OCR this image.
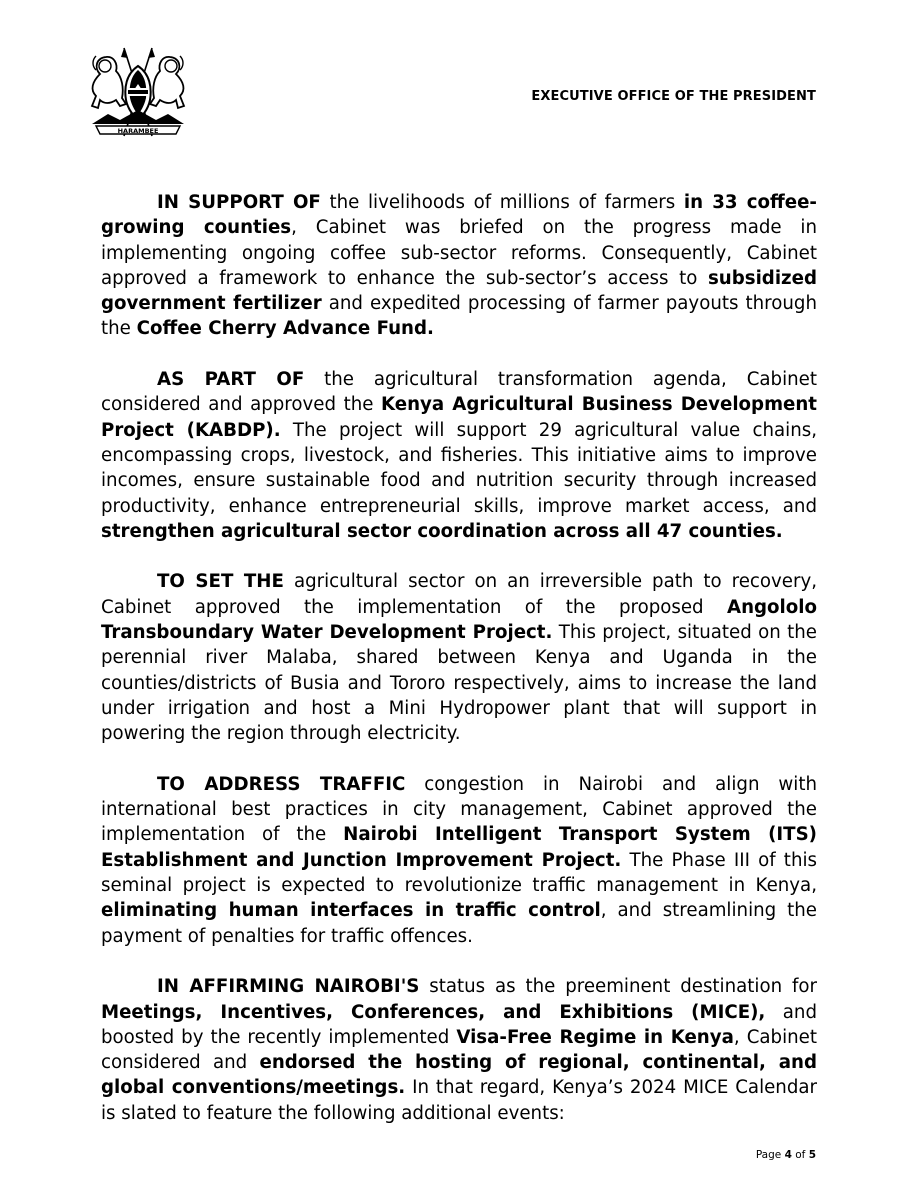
HARAMBEE
EXECUTIVE OFFICE OF THE PRESIDENT

IN SUPPORT OF the livelihoods of millions of farmers in 33 coffee-growing counties, Cabinet was briefed on the progress made in implementing ongoing coffee sub-sector reforms. Consequently, Cabinet approved a framework to enhance the sub-sector’s access to subsidized government fertilizer and expedited processing of farmer payouts through the Coffee Cherry Advance Fund.

AS PART OF the agricultural transformation agenda, Cabinet considered and approved the Kenya Agricultural Business Development Project (KABDP). The project will support 29 agricultural value chains, encompassing crops, livestock, and fisheries. This initiative aims to improve incomes, ensure sustainable food and nutrition security through increased productivity, enhance entrepreneurial skills, improve market access, and strengthen agricultural sector coordination across all 47 counties.

TO SET THE agricultural sector on an irreversible path to recovery, Cabinet approved the implementation of the proposed Angololo Transboundary Water Development Project. This project, situated on the perennial river Malaba, shared between Kenya and Uganda in the counties/districts of Busia and Tororo respectively, aims to increase the land under irrigation and host a Mini Hydropower plant that will support in powering the region through electricity.

TO ADDRESS TRAFFIC congestion in Nairobi and align with international best practices in city management, Cabinet approved the implementation of the Nairobi Intelligent Transport System (ITS) Establishment and Junction Improvement Project. The Phase III of this seminal project is expected to revolutionize traffic management in Kenya, eliminating human interfaces in traffic control, and streamlining the payment of penalties for traffic offences.

IN AFFIRMING NAIROBI'S status as the preeminent destination for Meetings, Incentives, Conferences, and Exhibitions (MICE), and boosted by the recently implemented Visa-Free Regime in Kenya, Cabinet considered and endorsed the hosting of regional, continental, and global conventions/meetings. In that regard, Kenya’s 2024 MICE Calendar is slated to feature the following additional events:

Page 4 of 5
